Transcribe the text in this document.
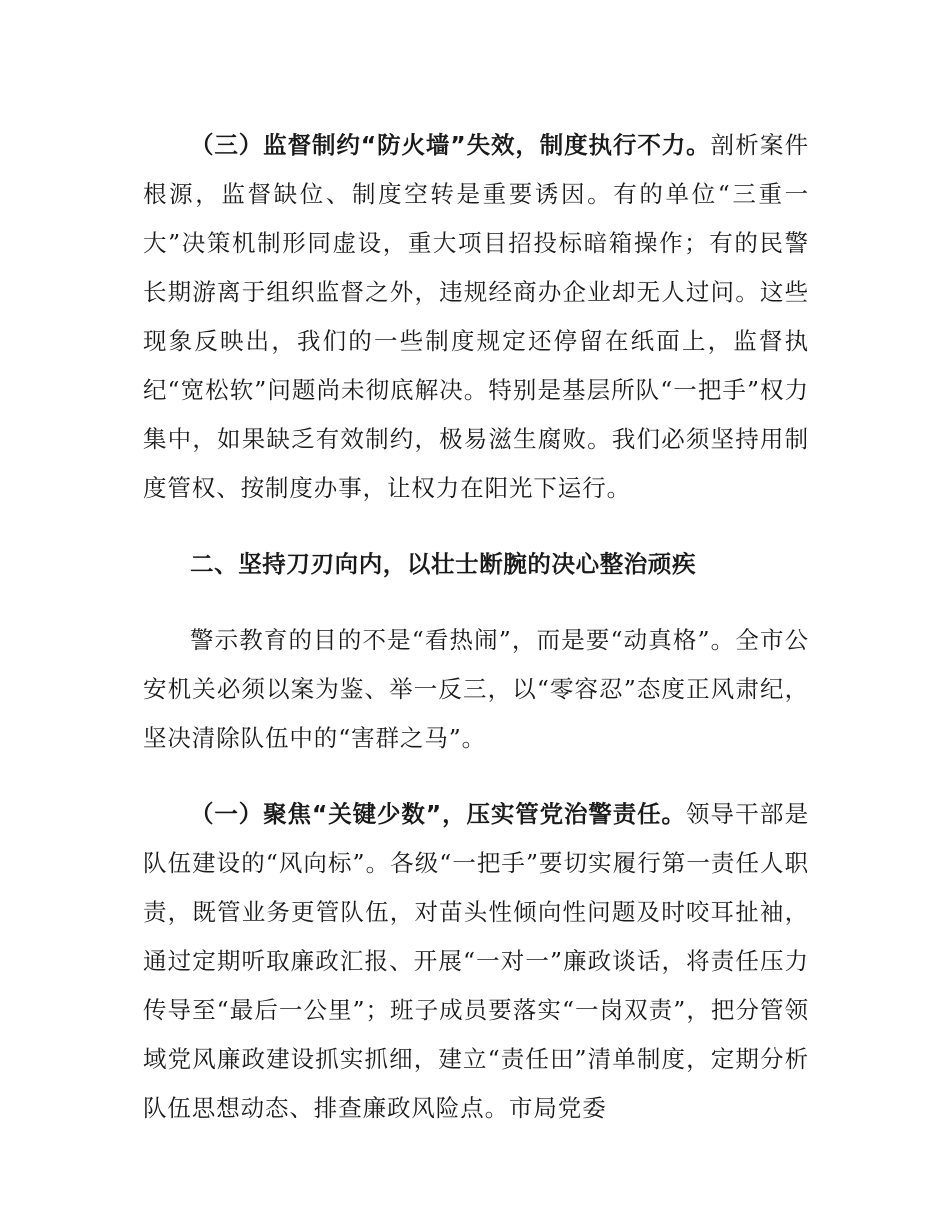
（三）监督制约“防火墙”失效，制度执行不力。剖析案件根源，监督缺位、制度空转是重要诱因。有的单位“三重一大”决策机制形同虚设，重大项目招投标暗箱操作；有的民警长期游离于组织监督之外，违规经商办企业却无人过问。这些现象反映出，我们的一些制度规定还停留在纸面上，监督执纪“宽松软”问题尚未彻底解决。特别是基层所队“一把手”权力集中，如果缺乏有效制约，极易滋生腐败。我们必须坚持用制度管权、按制度办事，让权力在阳光下运行。

二、坚持刀刃向内，以壮士断腕的决心整治顽疾

警示教育的目的不是“看热闹”，而是要“动真格”。全市公安机关必须以案为鉴、举一反三，以“零容忍”态度正风肃纪，坚决清除队伍中的“害群之马”。

（一）聚焦“关键少数”，压实管党治警责任。领导干部是队伍建设的“风向标”。各级“一把手”要切实履行第一责任人职责，既管业务更管队伍，对苗头性倾向性问题及时咬耳扯袖，通过定期听取廉政汇报、开展“一对一”廉政谈话，将责任压力传导至“最后一公里”；班子成员要落实“一岗双责”，把分管领域党风廉政建设抓实抓细，建立“责任田”清单制度，定期分析队伍思想动态、排查廉政风险点。市局党委
